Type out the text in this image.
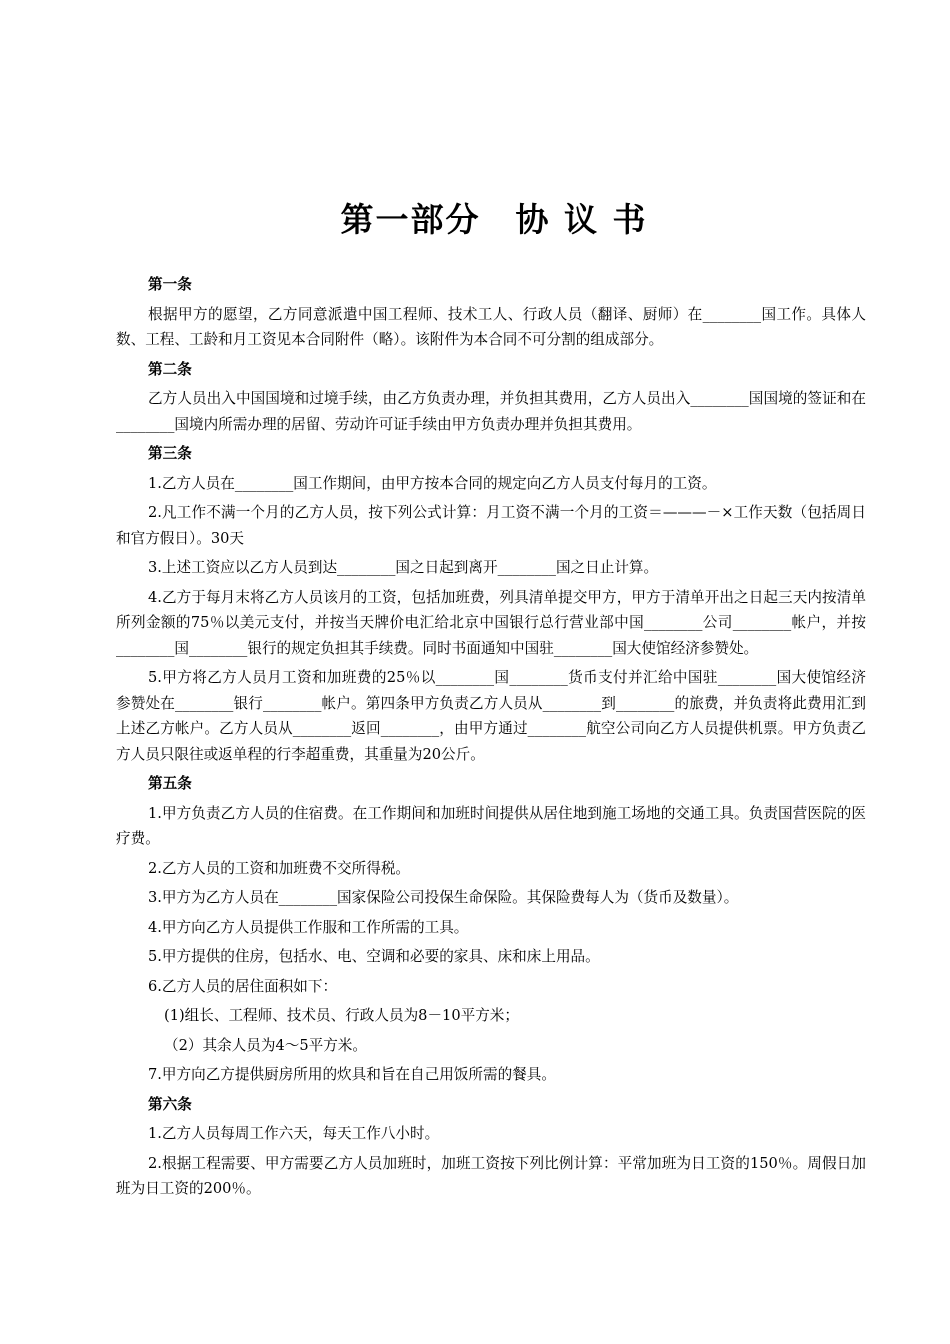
第一部分　协 议 书
第一条

根据甲方的愿望，乙方同意派遣中国工程师、技术工人、行政人员（翻译、厨师）在________国工作。具体人数、工程、工龄和月工资见本合同附件（略）。该附件为本合同不可分割的组成部分。

第二条

乙方人员出入中国国境和过境手续，由乙方负责办理，并负担其费用，乙方人员出入________国国境的签证和在________国境内所需办理的居留、劳动许可证手续由甲方负责办理并负担其费用。

第三条

1.乙方人员在________国工作期间，由甲方按本合同的规定向乙方人员支付每月的工资。

2.凡工作不满一个月的乙方人员，按下列公式计算：月工资不满一个月的工资＝———－×工作天数（包括周日和官方假日）。30天

3.上述工资应以乙方人员到达________国之日起到离开________国之日止计算。

4.乙方于每月末将乙方人员该月的工资，包括加班费，列具清单提交甲方，甲方于清单开出之日起三天内按清单所列金额的75％以美元支付，并按当天牌价电汇给北京中国银行总行营业部中国________公司________帐户，并按________国________银行的规定负担其手续费。同时书面通知中国驻________国大使馆经济参赞处。

5.甲方将乙方人员月工资和加班费的25％以________国________货币支付并汇给中国驻________国大使馆经济参赞处在________银行________帐户。第四条甲方负责乙方人员从________到________的旅费，并负责将此费用汇到上述乙方帐户。乙方人员从________返回________，由甲方通过________航空公司向乙方人员提供机票。甲方负责乙方人员只限往或返单程的行李超重费，其重量为20公斤。

第五条

1.甲方负责乙方人员的住宿费。在工作期间和加班时间提供从居住地到施工场地的交通工具。负责国营医院的医疗费。

2.乙方人员的工资和加班费不交所得税。

3.甲方为乙方人员在________国家保险公司投保生命保险。其保险费每人为（货币及数量）。

4.甲方向乙方人员提供工作服和工作所需的工具。

5.甲方提供的住房，包括水、电、空调和必要的家具、床和床上用品。

6.乙方人员的居住面积如下：

(1)组长、工程师、技术员、行政人员为8－10平方米；

（2）其余人员为4～5平方米。

7.甲方向乙方提供厨房所用的炊具和旨在自己用饭所需的餐具。

第六条

1.乙方人员每周工作六天，每天工作八小时。

2.根据工程需要、甲方需要乙方人员加班时，加班工资按下列比例计算：平常加班为日工资的150％。周假日加班为日工资的200％。
